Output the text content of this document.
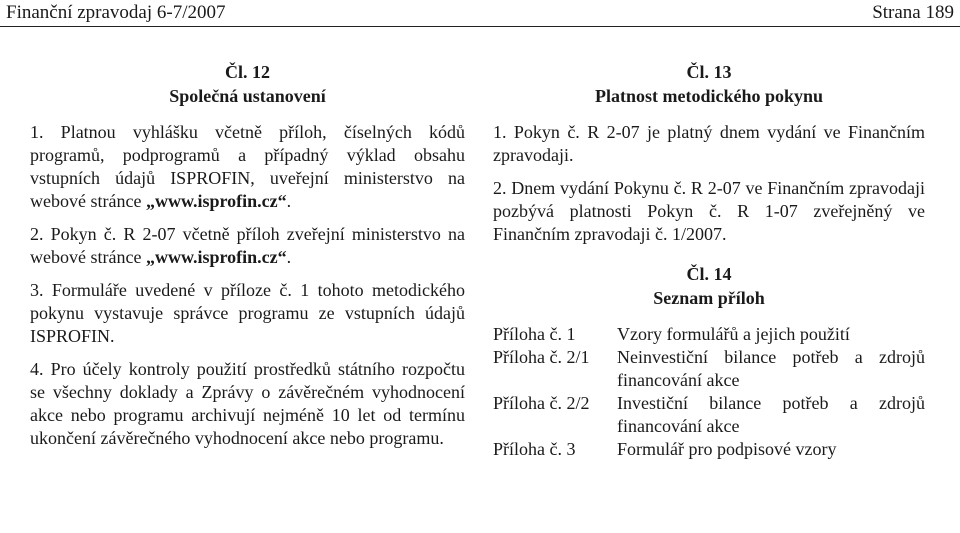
Finanční zpravodaj 6-7/2007	Strana 189
Čl. 12
Společná ustanovení

1. Platnou vyhlášku včetně příloh, číselných kódů programů, podprogramů a případný výklad obsahu vstupních údajů ISPROFIN, uveřejní ministerstvo na webové stránce „www.isprofin.cz“.

2. Pokyn č. R 2-07 včetně příloh zveřejní ministerstvo na webové stránce „www.isprofin.cz“.

3. Formuláře uvedené v příloze č. 1 tohoto metodického pokynu vystavuje správce programu ze vstupních údajů ISPROFIN.

4. Pro účely kontroly použití prostředků státního rozpočtu se všechny doklady a Zprávy o závěrečném vyhodnocení akce nebo programu archivují nejméně 10 let od termínu ukončení závěrečného vyhodnocení akce nebo programu.

Čl. 13
Platnost metodického pokynu

1. Pokyn č. R 2-07 je platný dnem vydání ve Finančním zpravodaji.

2. Dnem vydání Pokynu č. R 2-07 ve Finančním zpravodaji pozbývá platnosti Pokyn č. R 1-07 zveřejněný ve Finančním zpravodaji č. 1/2007.

Čl. 14
Seznam příloh
Příloha č. 1	Vzory formulářů a jejich použití
Příloha č. 2/1	Neinvestiční bilance potřeb a zdrojů financování akce
Příloha č. 2/2	Investiční bilance potřeb a zdrojů financování akce
Příloha č. 3	Formulář pro podpisové vzory
